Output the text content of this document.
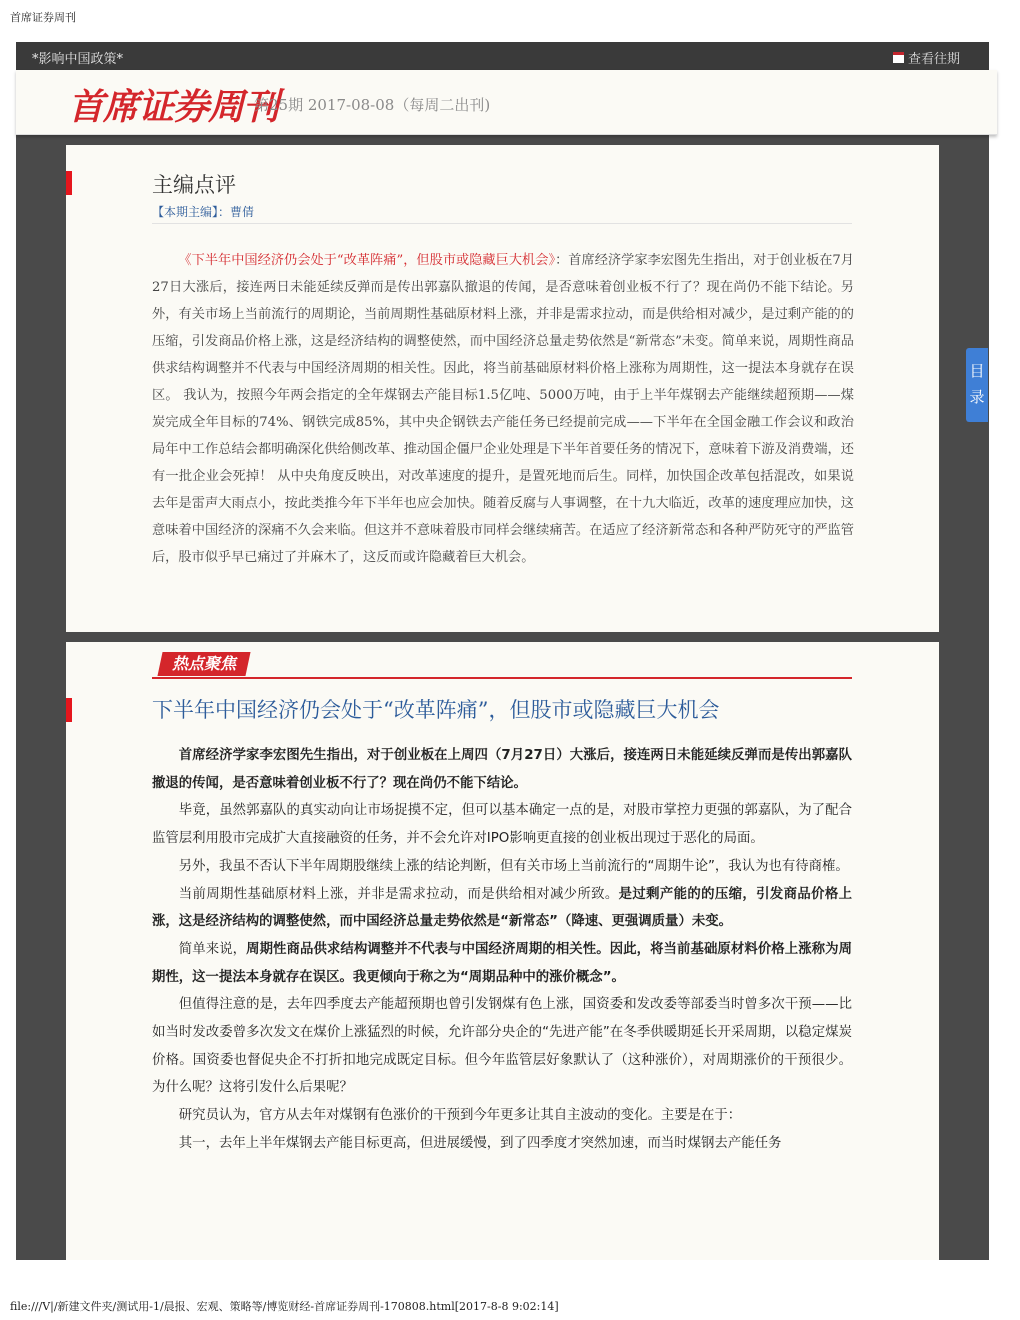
首席证券周刊
*影响中国政策*	查看往期
首席证券周刊
第25期 2017-08-08（每周二出刊)
主编点评
【本期主编】：曹倩

《下半年中国经济仍会处于“改革阵痛”，但股市或隐藏巨大机会》：首席经济学家李宏图先生指出，对于创业板在7月27日大涨后，接连两日未能延续反弹而是传出郭嘉队撤退的传闻，是否意味着创业板不行了？现在尚仍不能下结论。另外，有关市场上当前流行的周期论，当前周期性基础原材料上涨，并非是需求拉动，而是供给相对减少，是过剩产能的的压缩，引发商品价格上涨，这是经济结构的调整使然，而中国经济总量走势依然是“新常态”未变。简单来说，周期性商品供求结构调整并不代表与中国经济周期的相关性。因此，将当前基础原材料价格上涨称为周期性，这一提法本身就存在误区。 我认为，按照今年两会指定的全年煤钢去产能目标1.5亿吨、5000万吨，由于上半年煤钢去产能继续超预期——煤炭完成全年目标的74%、钢铁完成85%，其中央企钢铁去产能任务已经提前完成——下半年在全国金融工作会议和政治局年中工作总结会都明确深化供给侧改革、推动国企僵尸企业处理是下半年首要任务的情况下，意味着下游及消费端，还有一批企业会死掉！ 从中央角度反映出，对改革速度的提升，是置死地而后生。同样，加快国企改革包括混改，如果说去年是雷声大雨点小，按此类推今年下半年也应会加快。随着反腐与人事调整，在十九大临近，改革的速度理应加快，这意味着中国经济的深痛不久会来临。但这并不意味着股市同样会继续痛苦。在适应了经济新常态和各种严防死守的严监管后，股市似乎早已痛过了并麻木了，这反而或许隐藏着巨大机会。

热点聚焦
下半年中国经济仍会处于“改革阵痛”，但股市或隐藏巨大机会

首席经济学家李宏图先生指出，对于创业板在上周四（7月27日）大涨后，接连两日未能延续反弹而是传出郭嘉队撤退的传闻，是否意味着创业板不行了？现在尚仍不能下结论。

毕竟，虽然郭嘉队的真实动向让市场捉摸不定，但可以基本确定一点的是，对股市掌控力更强的郭嘉队，为了配合监管层利用股市完成扩大直接融资的任务，并不会允许对IPO影响更直接的创业板出现过于恶化的局面。

另外，我虽不否认下半年周期股继续上涨的结论判断，但有关市场上当前流行的“周期牛论”，我认为也有待商榷。

当前周期性基础原材料上涨，并非是需求拉动，而是供给相对减少所致。是过剩产能的的压缩，引发商品价格上涨，这是经济结构的调整使然，而中国经济总量走势依然是“新常态”（降速、更强调质量）未变。

简单来说，周期性商品供求结构调整并不代表与中国经济周期的相关性。因此，将当前基础原材料价格上涨称为周期性，这一提法本身就存在误区。我更倾向于称之为“周期品种中的涨价概念”。

但值得注意的是，去年四季度去产能超预期也曾引发钢煤有色上涨，国资委和发改委等部委当时曾多次干预——比如当时发改委曾多次发文在煤价上涨猛烈的时候，允许部分央企的“先进产能”在冬季供暖期延长开采周期，以稳定煤炭价格。国资委也督促央企不打折扣地完成既定目标。但今年监管层好象默认了（这种涨价），对周期涨价的干预很少。为什么呢？这将引发什么后果呢？

研究员认为，官方从去年对煤钢有色涨价的干预到今年更多让其自主波动的变化。主要是在于：

其一，去年上半年煤钢去产能目标更高，但进展缓慢，到了四季度才突然加速，而当时煤钢去产能任务

目
录
file:///V|/新建文件夹/测试用-1/晨报、宏观、策略等/博览财经-首席证券周刊-170808.html[2017-8-8 9:02:14]
